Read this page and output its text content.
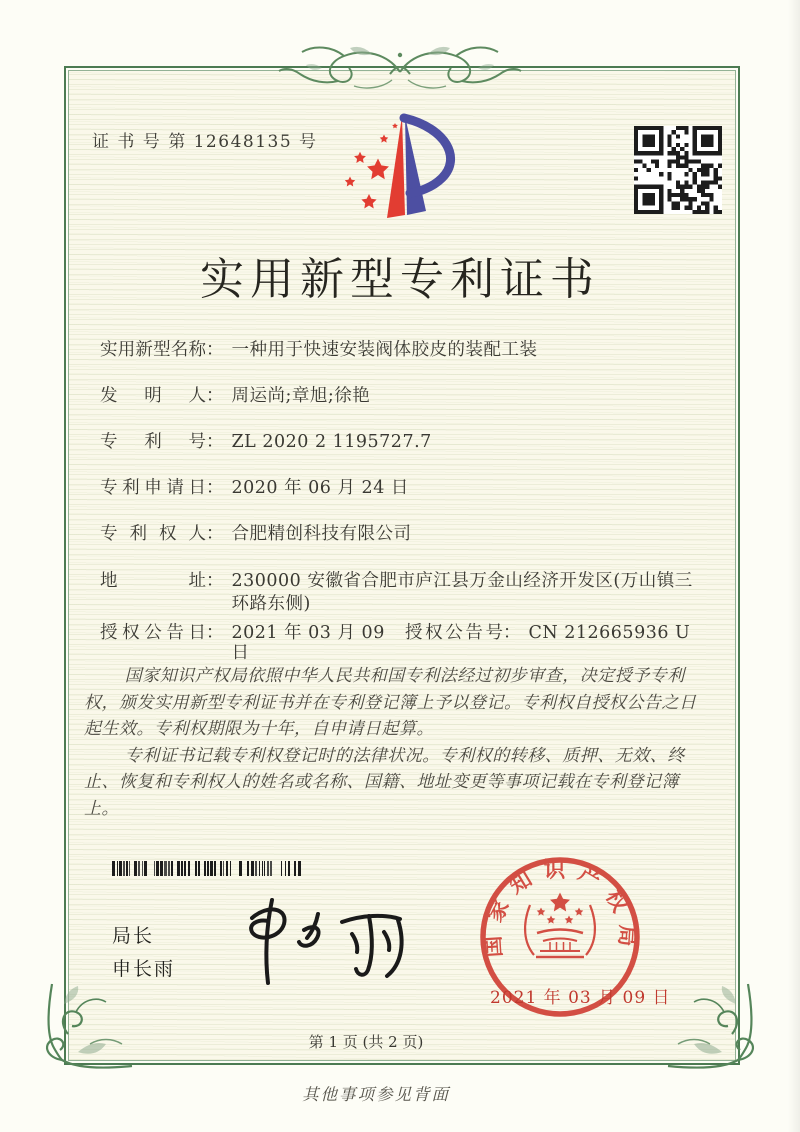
证 书 号 第 12648135 号
实用新型专利证书
实用新型名称 ： 一种用于快速安装阀体胶皮的装配工装
发明人 ： 周运尚;章旭;徐艳
专利号 ： ZL 2020 2 1195727.7
专利申请日 ： 2020 年 06 月 24 日
专利权人 ： 合肥精创科技有限公司
地址 ： 230000 安徽省合肥市庐江县万金山经济开发区(万山镇三环路东侧)
授权公告日 ： 2021 年 03 月 09 日
授权公告号 ： CN 212665936 U

国家知识产权局依照中华人民共和国专利法经过初步审查，决定授予专利权，颁发实用新型专利证书并在专利登记簿上予以登记。专利权自授权公告之日起生效。专利权期限为十年，自申请日起算。

专利证书记载专利权登记时的法律状况。专利权的转移、质押、无效、终止、恢复和专利权人的姓名或名称、国籍、地址变更等事项记载在专利登记簿上。

局长
申长雨
国家知识产权局
2021 年 03 月 09 日
第 1 页 (共 2 页)
其他事项参见背面
